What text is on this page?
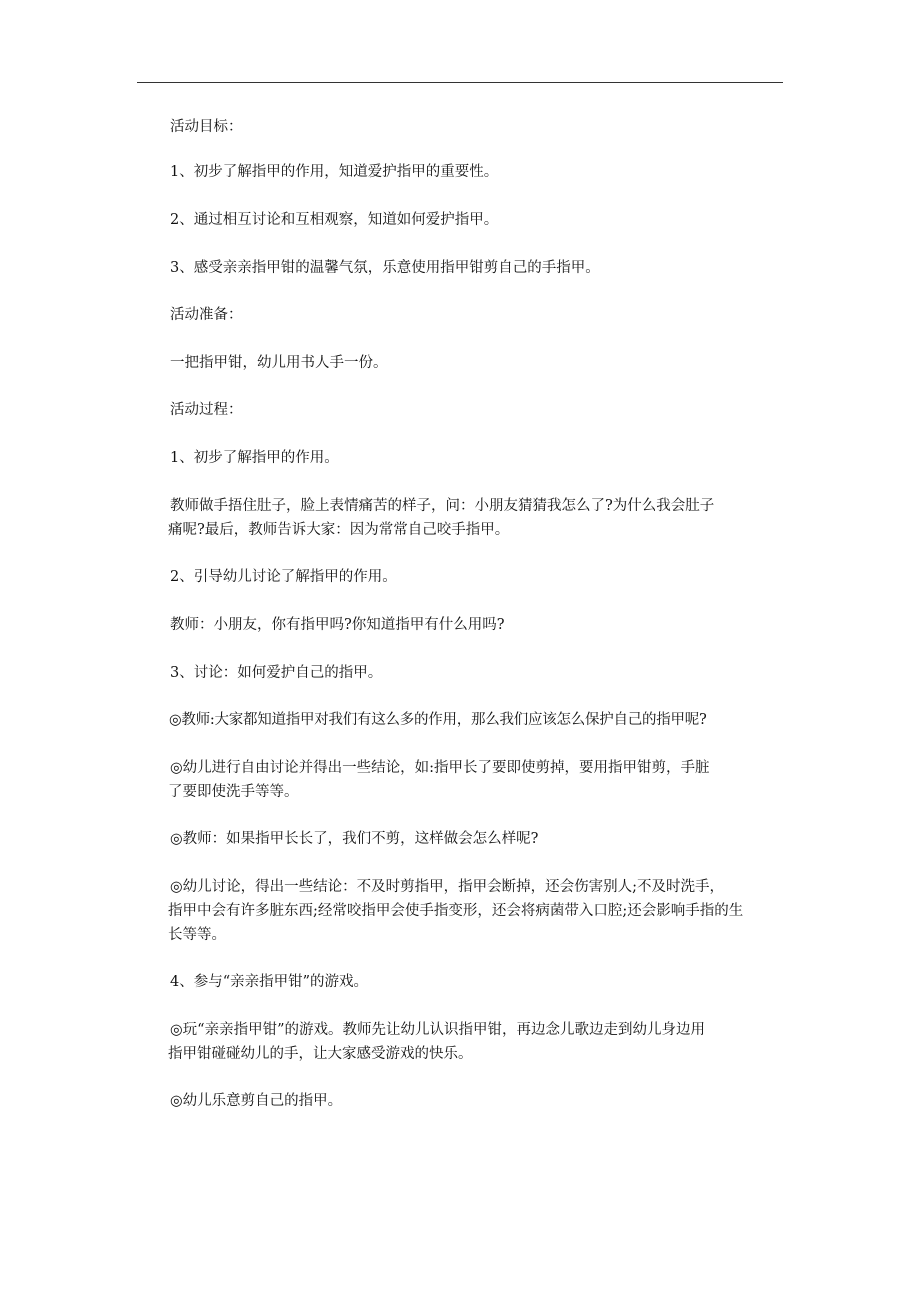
活动目标：
1、初步了解指甲的作用，知道爱护指甲的重要性。
2、通过相互讨论和互相观察，知道如何爱护指甲。
3、感受亲亲指甲钳的温馨气氛，乐意使用指甲钳剪自己的手指甲。
活动准备：
一把指甲钳，幼儿用书人手一份。
活动过程：
1、初步了解指甲的作用。
教师做手捂住肚子，脸上表情痛苦的样子，问：小朋友猜猜我怎么了?为什么我会肚子
痛呢?最后，教师告诉大家：因为常常自己咬手指甲。
2、引导幼儿讨论了解指甲的作用。
教师：小朋友，你有指甲吗?你知道指甲有什么用吗?
3、讨论：如何爱护自己的指甲。
◎教师:大家都知道指甲对我们有这么多的作用，那么我们应该怎么保护自己的指甲呢?
◎幼儿进行自由讨论并得出一些结论，如:指甲长了要即使剪掉，要用指甲钳剪，手脏
了要即使洗手等等。
◎教师：如果指甲长长了，我们不剪，这样做会怎么样呢?
◎幼儿讨论，得出一些结论：不及时剪指甲，指甲会断掉，还会伤害别人;不及时洗手，
指甲中会有许多脏东西;经常咬指甲会使手指变形，还会将病菌带入口腔;还会影响手指的生
长等等。
4、参与“亲亲指甲钳”的游戏。
◎玩“亲亲指甲钳”的游戏。教师先让幼儿认识指甲钳，再边念儿歌边走到幼儿身边用
指甲钳碰碰幼儿的手，让大家感受游戏的快乐。
◎幼儿乐意剪自己的指甲。
